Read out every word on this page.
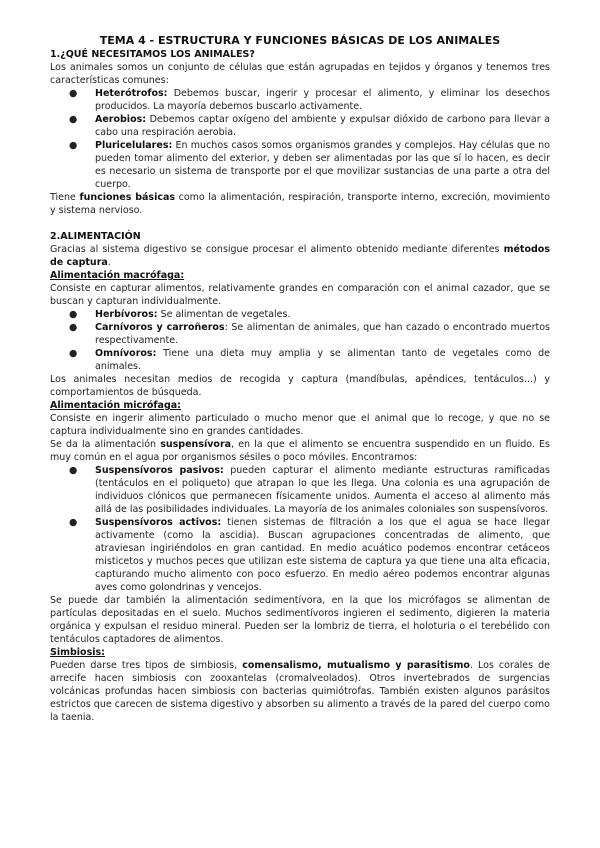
TEMA 4 - ESTRUCTURA Y FUNCIONES BÁSICAS DE LOS ANIMALES
1.¿QUÉ NECESITAMOS LOS ANIMALES?

Los animales somos un conjunto de células que están agrupadas en tejidos y órganos y tenemos tres características comunes:

● Heterótrofos: Debemos buscar, ingerir y procesar el alimento, y eliminar los desechos producidos. La mayoría debemos buscarlo activamente.
● Aerobios: Debemos captar oxígeno del ambiente y expulsar dióxido de carbono para llevar a cabo una respiración aerobia.
● Pluricelulares: En muchos casos somos organismos grandes y complejos. Hay células que no pueden tomar alimento del exterior, y deben ser alimentadas por las que sí lo hacen, es decir es necesario un sistema de transporte por el que movilizar sustancias de una parte a otra del cuerpo.

Tiene funciones básicas como la alimentación, respiración, transporte interno, excreción, movimiento y sistema nervioso.

2.ALIMENTACIÓN

Gracias al sistema digestivo se consigue procesar el alimento obtenido mediante diferentes métodos de captura.

Alimentación macrófaga:

Consiste en capturar alimentos, relativamente grandes en comparación con el animal cazador, que se buscan y capturan individualmente.

● Herbívoros: Se alimentan de vegetales.
● Carnívoros y carroñeros: Se alimentan de animales, que han cazado o encontrado muertos respectivamente.
● Omnívoros: Tiene una dieta muy amplia y se alimentan tanto de vegetales como de animales.

Los animales necesitan medios de recogida y captura (mandíbulas, apéndices, tentáculos...) y comportamientos de búsqueda.

Alimentación micrófaga:

Consiste en ingerir alimento particulado o mucho menor que el animal que lo recoge, y que no se captura individualmente sino en grandes cantidades.

Se da la alimentación suspensívora, en la que el alimento se encuentra suspendido en un fluido. Es muy común en el agua por organismos sésiles o poco móviles. Encontramos:

● Suspensívoros pasivos: pueden capturar el alimento mediante estructuras ramificadas (tentáculos en el poliqueto) que atrapan lo que les llega. Una colonia es una agrupación de individuos clónicos que permanecen físicamente unidos. Aumenta el acceso al alimento más allá de las posibilidades individuales. La mayoría de los animales coloniales son suspensívoros.
● Suspensívoros activos: tienen sistemas de filtración a los que el agua se hace llegar activamente (como la ascidia). Buscan agrupaciones concentradas de alimento, que atraviesan ingiriéndolos en gran cantidad. En medio acuático podemos encontrar cetáceos misticetos y muchos peces que utilizan este sistema de captura ya que tiene una alta eficacia, capturando mucho alimento con poco esfuerzo. En medio aéreo podemos encontrar algunas aves como golondrinas y vencejos.

Se puede dar también la alimentación sedimentívora, en la que los micrófagos se alimentan de partículas depositadas en el suelo. Muchos sedimentívoros ingieren el sedimento, digieren la materia orgánica y expulsan el residuo mineral. Pueden ser la lombriz de tierra, el holoturia o el terebélido con tentáculos captadores de alimentos.

Simbiosis:

Pueden darse tres tipos de simbiosis, comensalismo, mutualismo y parasitismo. Los corales de arrecife hacen simbiosis con zooxantelas (cromalveolados). Otros invertebrados de surgencias volcánicas profundas hacen simbiosis con bacterias quimiótrofas. También existen algunos parásitos estrictos que carecen de sistema digestivo y absorben su alimento a través de la pared del cuerpo como la taenia.
